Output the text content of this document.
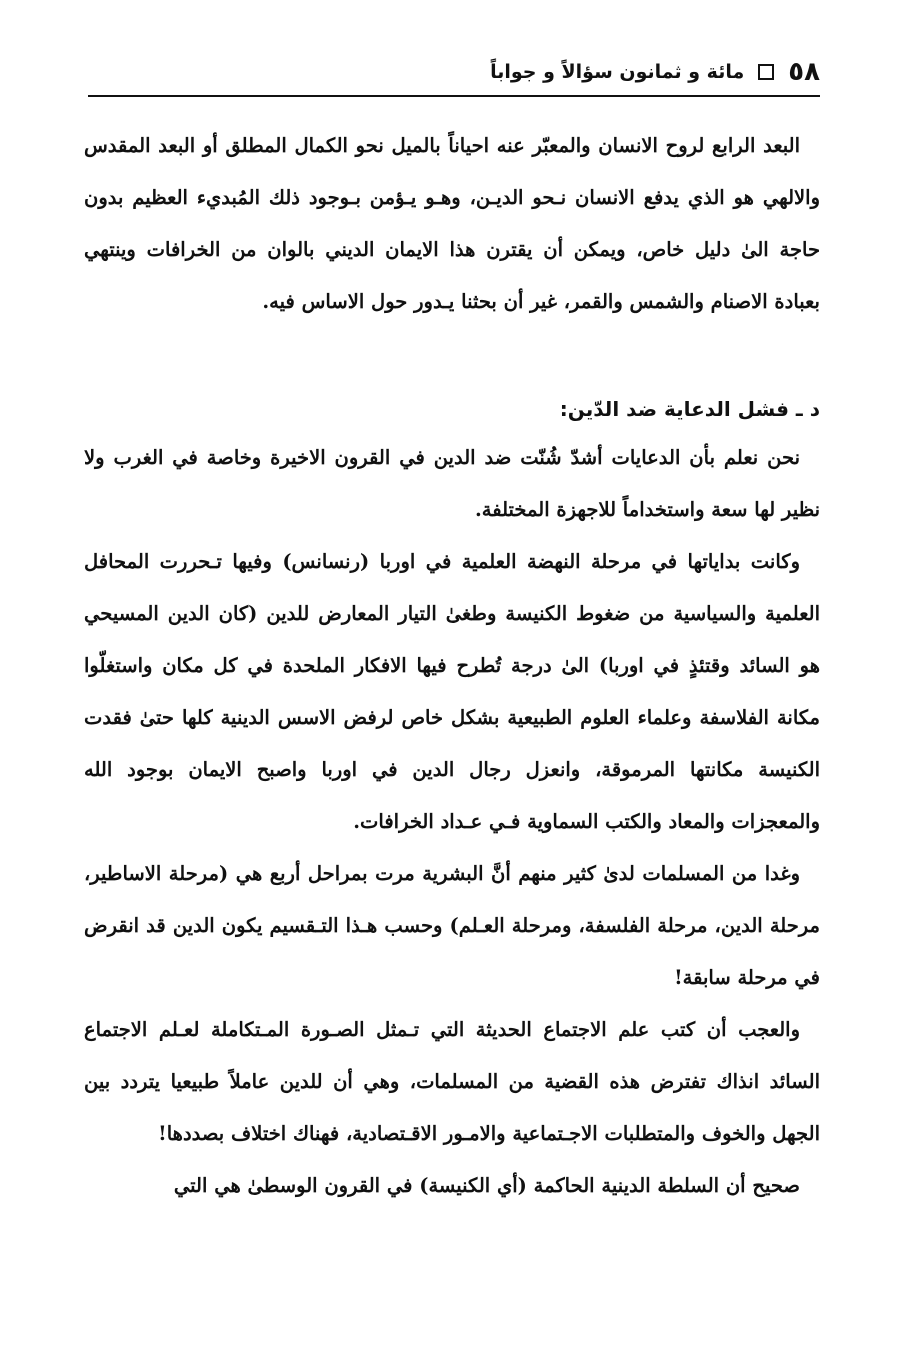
٥٨
مائة و ثمانون سؤالاً و جواباً

البعد الرابع لروح الانسان والمعبّر عنه احياناً بالميل نحو الكمال المطلق أو البعد المقدس والالهي هو الذي يدفع الانسان نـحو الديـن، وهـو يـؤمن بـوجود ذلك المُبديء العظيم بدون حاجة الىٰ دليل خاص، ويمكن أن يقترن هذا الايمان الديني بالوان من الخرافات وينتهي بعبادة الاصنام والشمس والقمر، غير أن بحثنا يـدور حول الاساس فيه.

د ـ فشل الدعاية ضد الدّين:

نحن نعلم بأن الدعايات أشدّ شُنّت ضد الدين في القرون الاخيرة وخاصة في الغرب ولا نظير لها سعة واستخداماً للاجهزة المختلفة.

وكانت بداياتها في مرحلة النهضة العلمية في اوربا (رنسانس) وفيها تـحررت المحافل العلمية والسياسية من ضغوط الكنيسة وطغىٰ التيار المعارض للدين (كان الدين المسيحي هو السائد وقتئذٍ في اوربا) الىٰ درجة تُطرح فيها الافكار الملحدة في كل مكان واستغلّوا مكانة الفلاسفة وعلماء العلوم الطبيعية بشكل خاص لرفض الاسس الدينية كلها حتىٰ فقدت الكنيسة مكانتها المرموقة، وانعزل رجال الدين في اوربا واصبح الايمان بوجود الله والمعجزات والمعاد والكتب السماوية فـي عـداد الخرافات.

وغدا من المسلمات لدىٰ كثير منهم أنَّ البشرية مرت بمراحل أربع هي (مرحلة الاساطير، مرحلة الدين، مرحلة الفلسفة، ومرحلة العـلم) وحسب هـذا التـقسيم يكون الدين قد انقرض في مرحلة سابقة!

والعجب أن كتب علم الاجتماع الحديثة التي تـمثل الصـورة المـتكاملة لعـلم الاجتماع السائد انذاك تفترض هذه القضية من المسلمات، وهي أن للدين عاملاً طبيعيا يتردد بين الجهل والخوف والمتطلبات الاجـتماعية والامـور الاقـتصادية، فهناك اختلاف بصددها!

صحيح أن السلطة الدينية الحاكمة (أي الكنيسة) في القرون الوسطىٰ هي التي
